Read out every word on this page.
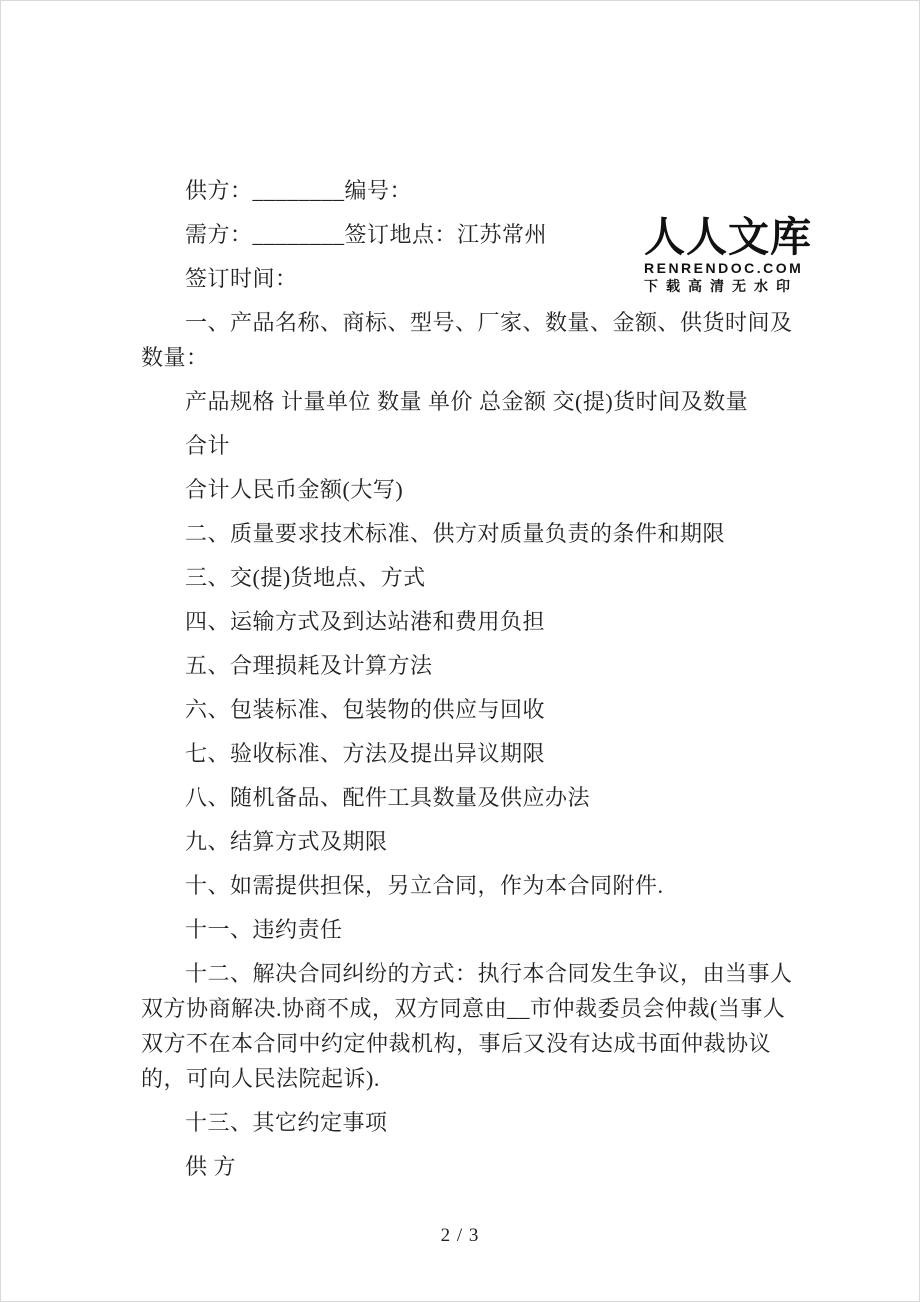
人人文库
RENRENDOC.COM
下载高清无水印

供方：________编号：

需方：________签订地点：江苏常州

签订时间：

一、产品名称、商标、型号、厂家、数量、金额、供货时间及数量：

产品规格 计量单位 数量 单价 总金额 交(提)货时间及数量

合计

合计人民币金额(大写)

二、质量要求技术标准、供方对质量负责的条件和期限

三、交(提)货地点、方式

四、运输方式及到达站港和费用负担

五、合理损耗及计算方法

六、包装标准、包装物的供应与回收

七、验收标准、方法及提出异议期限

八、随机备品、配件工具数量及供应办法

九、结算方式及期限

十、如需提供担保，另立合同，作为本合同附件.

十一、违约责任

十二、解决合同纠纷的方式：执行本合同发生争议，由当事人双方协商解决.协商不成，双方同意由__市仲裁委员会仲裁(当事人双方不在本合同中约定仲裁机构，事后又没有达成书面仲裁协议的，可向人民法院起诉).

十三、其它约定事项

供 方

2 / 3
